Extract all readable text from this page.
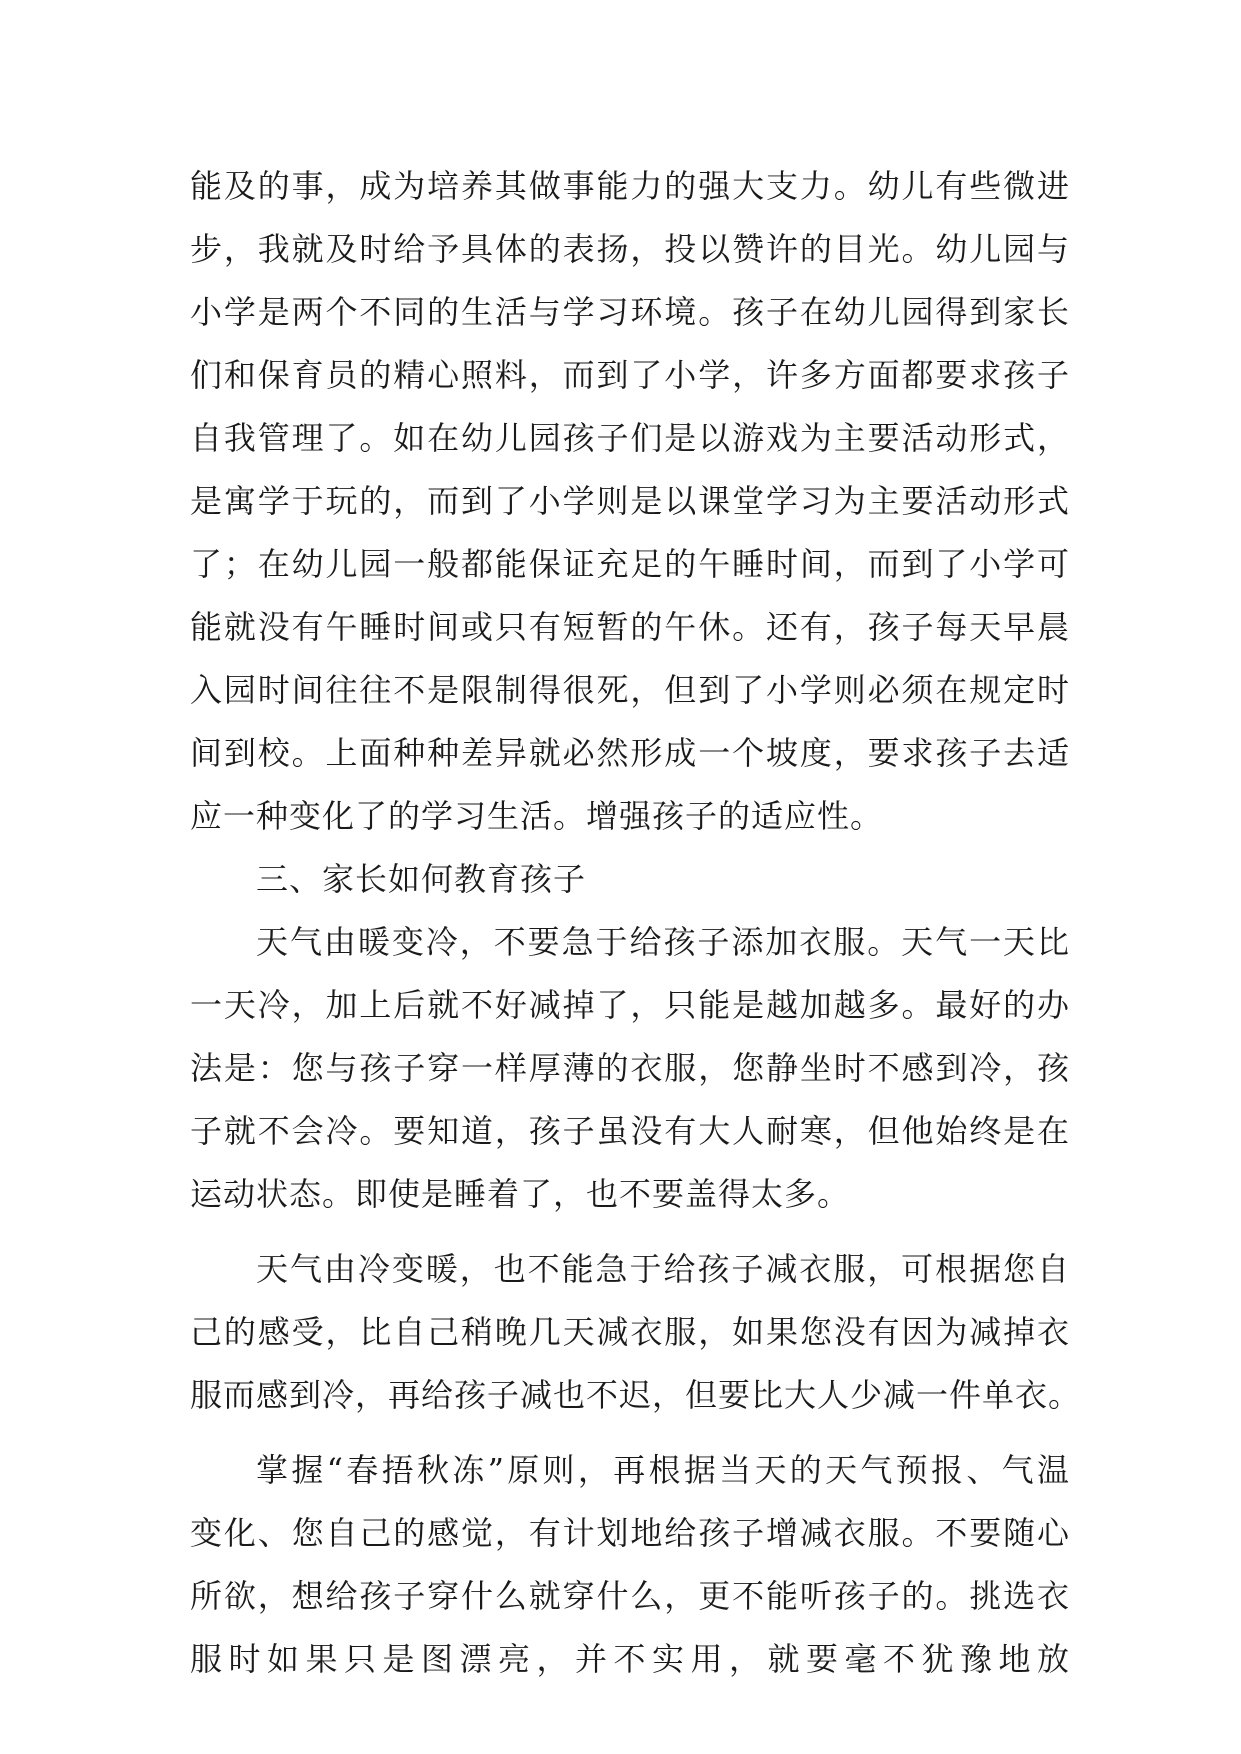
能及的事，成为培养其做事能力的强大支力。幼儿有些微进
步，我就及时给予具体的表扬，投以赞许的目光。幼儿园与
小学是两个不同的生活与学习环境。孩子在幼儿园得到家长
们和保育员的精心照料，而到了小学，许多方面都要求孩子
自我管理了。如在幼儿园孩子们是以游戏为主要活动形式，
是寓学于玩的，而到了小学则是以课堂学习为主要活动形式
了；在幼儿园一般都能保证充足的午睡时间，而到了小学可
能就没有午睡时间或只有短暂的午休。还有，孩子每天早晨
入园时间往往不是限制得很死，但到了小学则必须在规定时
间到校。上面种种差异就必然形成一个坡度，要求孩子去适
应一种变化了的学习生活。增强孩子的适应性。
三、家长如何教育孩子
天气由暖变冷，不要急于给孩子添加衣服。天气一天比
一天冷，加上后就不好减掉了，只能是越加越多。最好的办
法是：您与孩子穿一样厚薄的衣服，您静坐时不感到冷，孩
子就不会冷。要知道，孩子虽没有大人耐寒，但他始终是在
运动状态。即使是睡着了，也不要盖得太多。
天气由冷变暖，也不能急于给孩子减衣服，可根据您自
己的感受，比自己稍晚几天减衣服，如果您没有因为减掉衣
服而感到冷，再给孩子减也不迟，但要比大人少减一件单衣。
掌握“春捂秋冻”原则，再根据当天的天气预报、气温
变化、您自己的感觉，有计划地给孩子增减衣服。不要随心
所欲，想给孩子穿什么就穿什么，更不能听孩子的。挑选衣
服时如果只是图漂亮，并不实用，就要毫不犹豫地放
